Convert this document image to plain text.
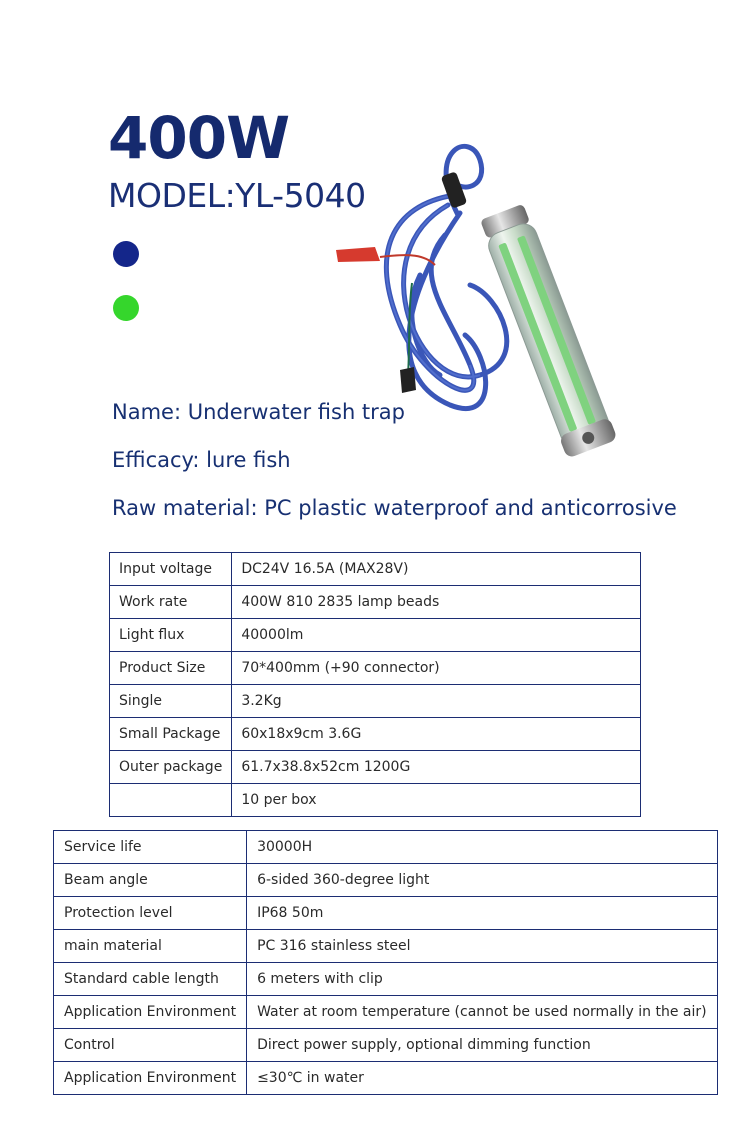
400W
MODEL:YL-5040
Name: Underwater fish trap
Efficacy: lure fish
Raw material: PC plastic waterproof and anticorrosive
Input voltage	DC24V 16.5A (MAX28V)
Work rate	400W 810 2835 lamp beads
Light flux	40000lm
Product Size	70*400mm (+90 connector)
Single	3.2Kg
Small Package	60x18x9cm 3.6G
Outer package	61.7x38.8x52cm 1200G
	10 per box
Service life	30000H
Beam angle	6-sided 360-degree light
Protection level	IP68 50m
main material	PC 316 stainless steel
Standard cable length	6 meters with clip
Application Environment	Water at room temperature (cannot be used normally in the air)
Control	Direct power supply, optional dimming function
Application Environment	≤30℃ in water
